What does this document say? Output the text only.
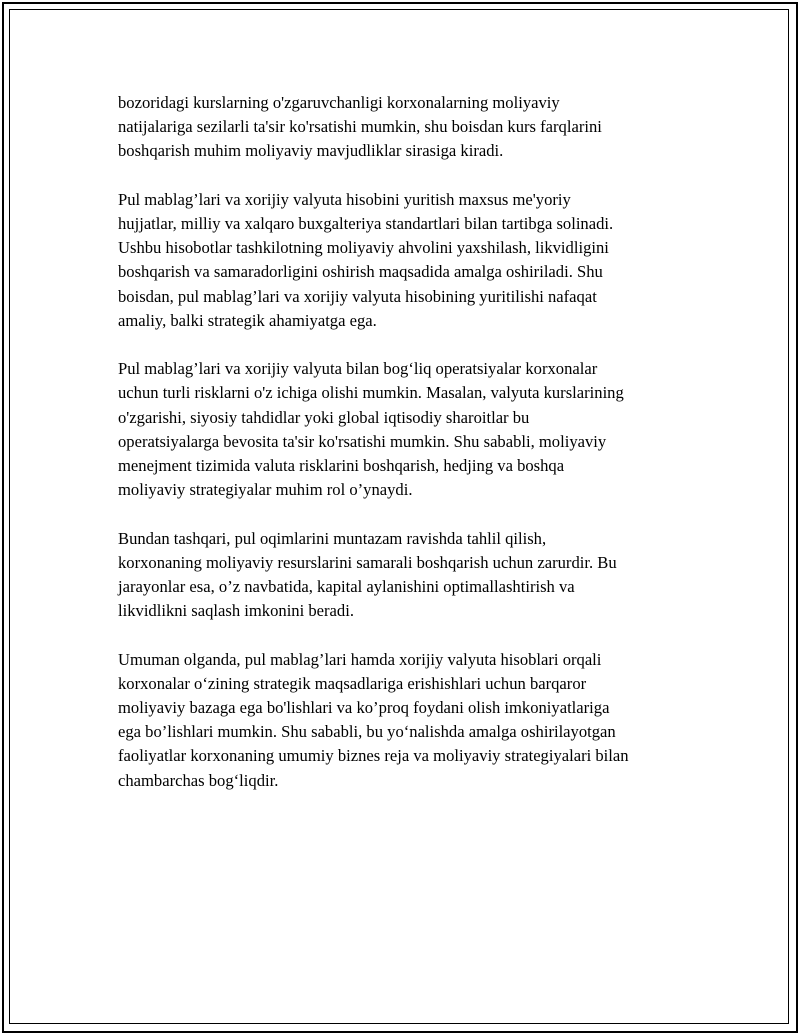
bozoridagi kurslarning o'zgaruvchanligi korxonalarning moliyaviy
natijalariga sezilarli ta'sir ko'rsatishi mumkin, shu boisdan kurs farqlarini
boshqarish muhim moliyaviy mavjudliklar sirasiga kiradi.

Pul mablag’lari va xorijiy valyuta hisobini yuritish maxsus me'yoriy
hujjatlar, milliy va xalqaro buxgalteriya standartlari bilan tartibga solinadi.
Ushbu hisobotlar tashkilotning moliyaviy ahvolini yaxshilash, likvidligini
boshqarish va samaradorligini oshirish maqsadida amalga oshiriladi. Shu
boisdan, pul mablag’lari va xorijiy valyuta hisobining yuritilishi nafaqat
amaliy, balki strategik ahamiyatga ega.

Pul mablag’lari va xorijiy valyuta bilan bog‘liq operatsiyalar korxonalar
uchun turli risklarni o'z ichiga olishi mumkin. Masalan, valyuta kurslarining
o'zgarishi, siyosiy tahdidlar yoki global iqtisodiy sharoitlar bu
operatsiyalarga bevosita ta'sir ko'rsatishi mumkin. Shu sababli, moliyaviy
menejment tizimida valuta risklarini boshqarish, hedjing va boshqa
moliyaviy strategiyalar muhim rol o’ynaydi.

Bundan tashqari, pul oqimlarini muntazam ravishda tahlil qilish,
korxonaning moliyaviy resurslarini samarali boshqarish uchun zarurdir. Bu
jarayonlar esa, o’z navbatida, kapital aylanishini optimallashtirish va
likvidlikni saqlash imkonini beradi.

Umuman olganda, pul mablag’lari hamda xorijiy valyuta hisoblari orqali
korxonalar o‘zining strategik maqsadlariga erishishlari uchun barqaror
moliyaviy bazaga ega bo'lishlari va ko’proq foydani olish imkoniyatlariga
ega bo’lishlari mumkin. Shu sababli, bu yo‘nalishda amalga oshirilayotgan
faoliyatlar korxonaning umumiy biznes reja va moliyaviy strategiyalari bilan
chambarchas bog‘liqdir.
